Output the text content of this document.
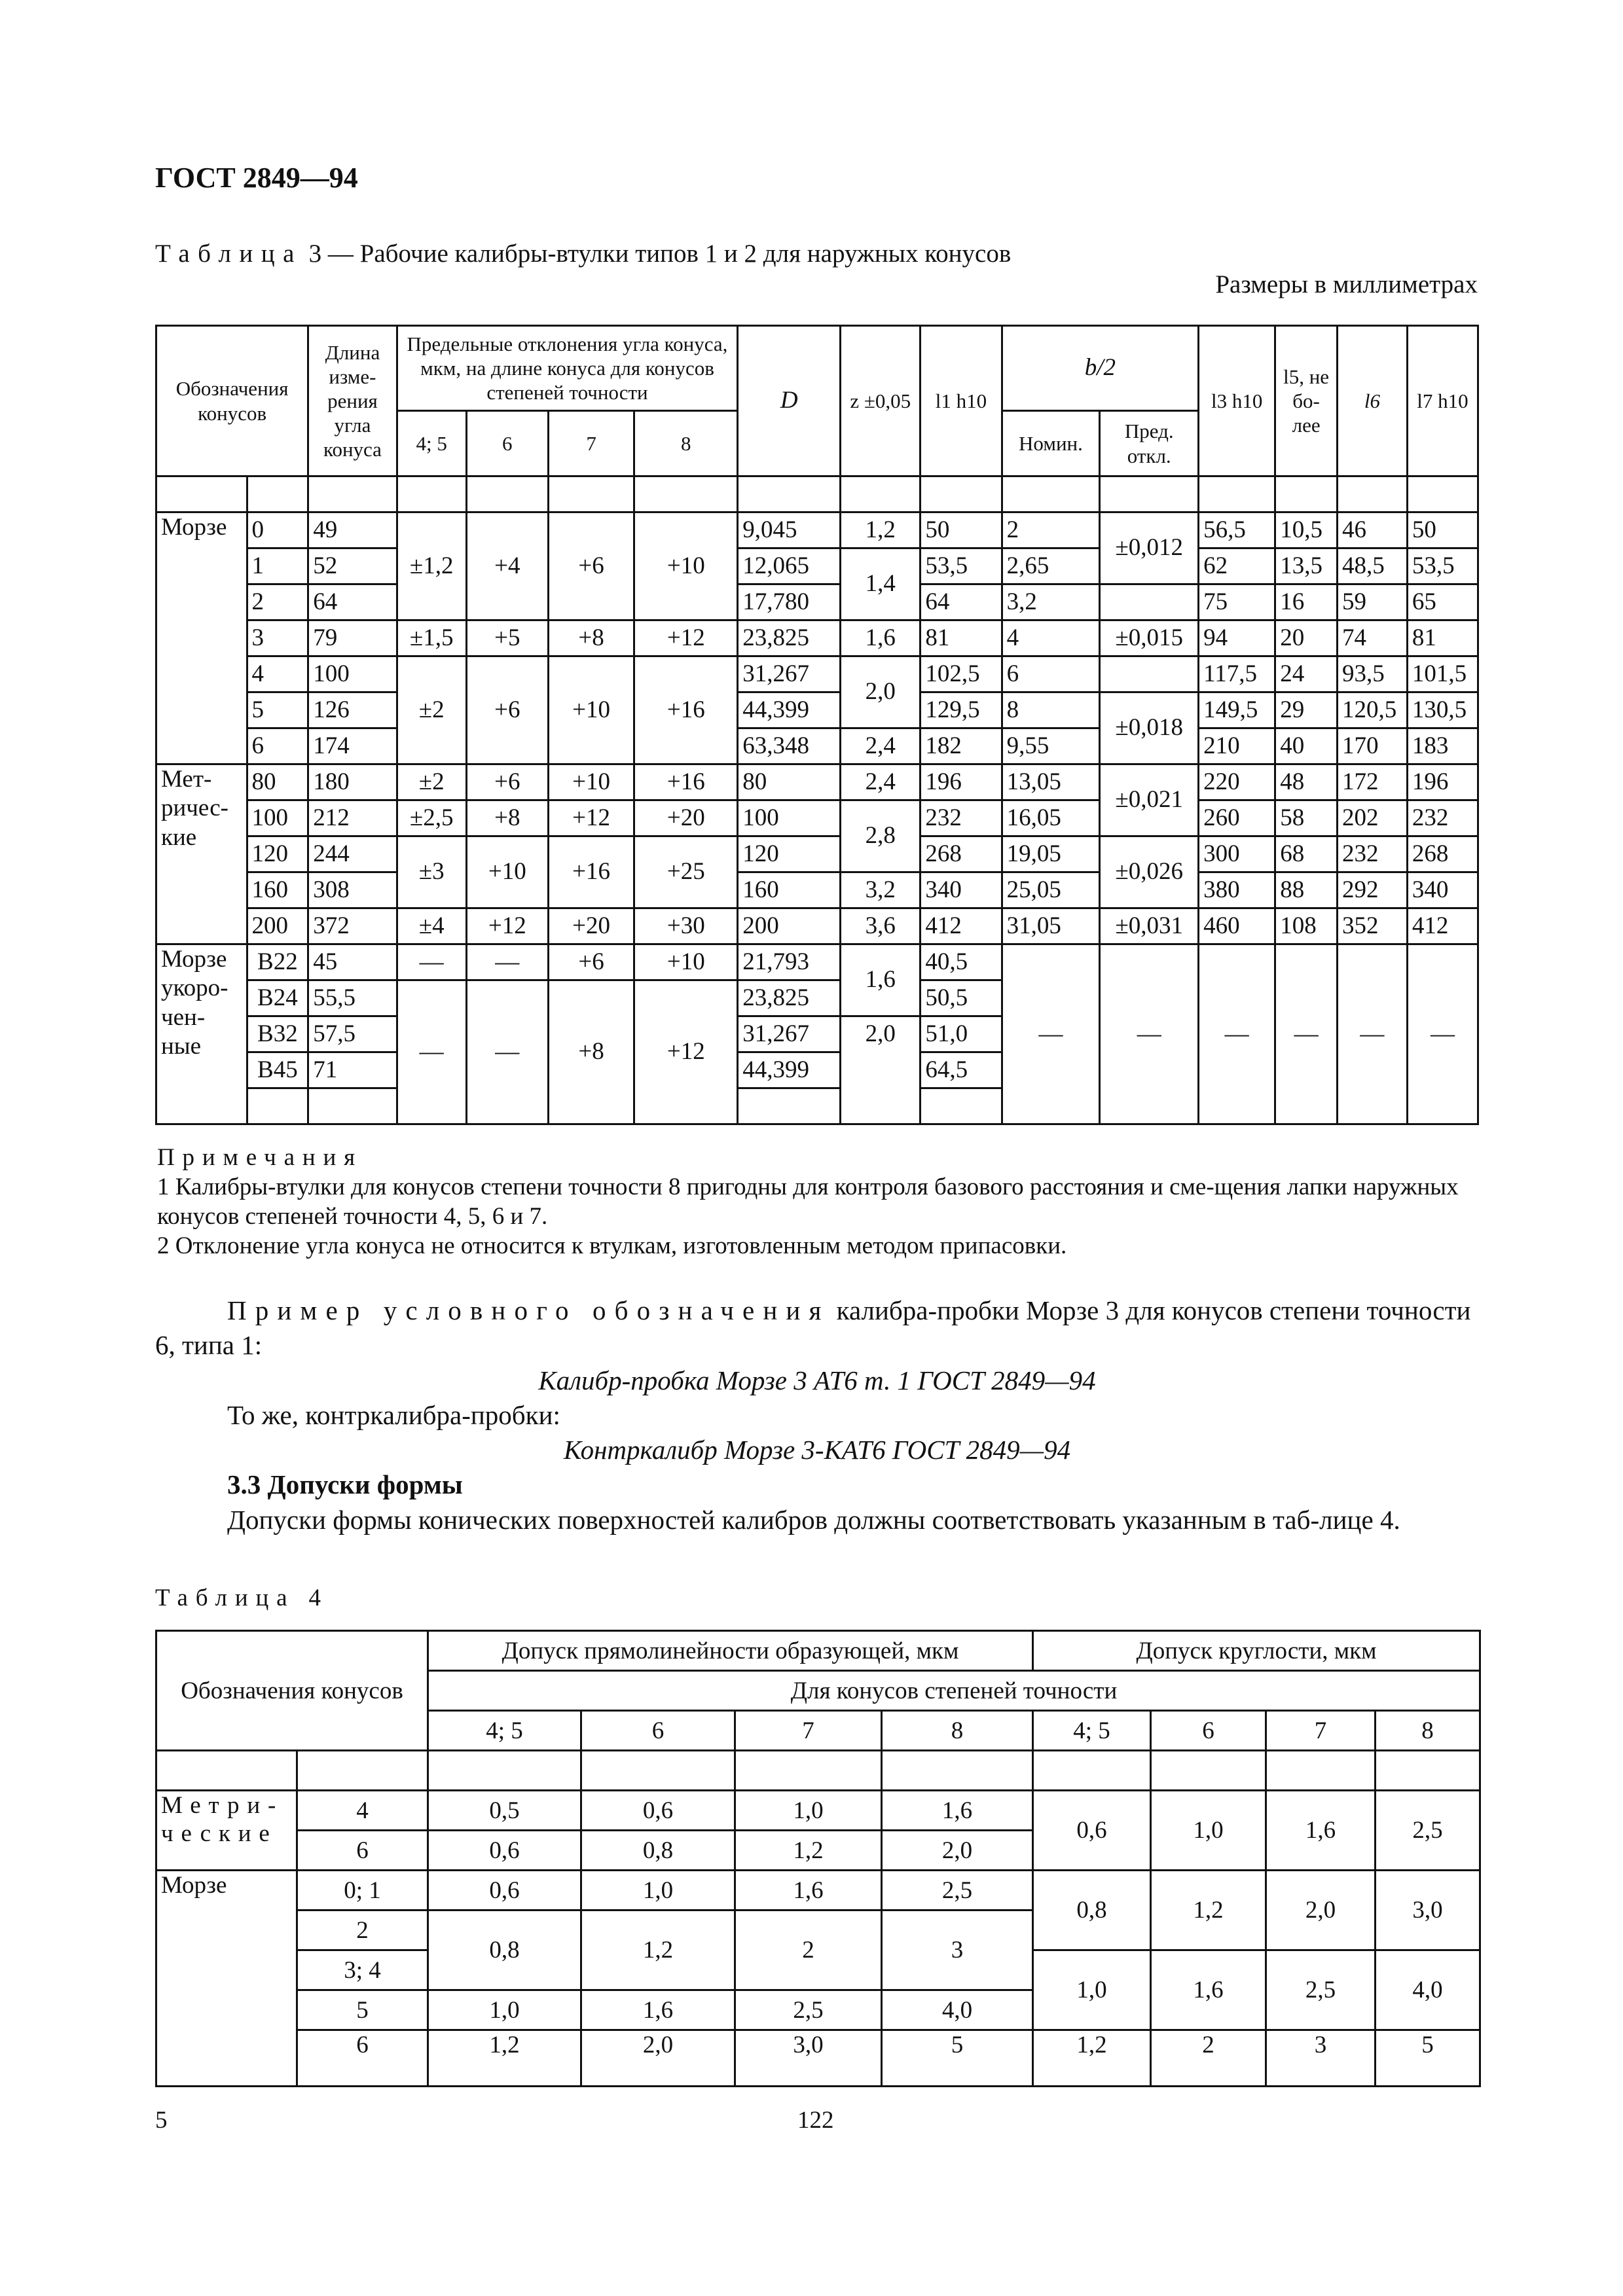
ГОСТ 2849—94
Таблица 3 — Рабочие калибры-втулки типов 1 и 2 для наружных конусов
Размеры в миллиметрах
Обозначения конусов		Длина изме-рения угла конуса	Предельные отклонения угла конуса, мкм, на длине конуса для конусов степеней точности				D	z ±0,05	l1 h10	b/2		l3 h10	l5, не бо-лее	l6	l7 h10
			4; 5	6	7	8				Номин.	Пред. откл.				

Морзе	0	49	±1,2	+4	+6	+10	9,045	1,2	50	2	±0,012	56,5	10,5	46	50
	1	52					12,065	1,4	53,5	2,65		62	13,5	48,5	53,5
	2	64					17,780		64	3,2		75	16	59	65
	3	79	±1,5	+5	+8	+12	23,825	1,6	81	4	±0,015	94	20	74	81
	4	100	±2	+6	+10	+16	31,267	2,0	102,5	6		117,5	24	93,5	101,5
	5	126					44,399		129,5	8	±0,018	149,5	29	120,5	130,5
	6	174					63,348	2,4	182	9,55		210	40	170	183
Мет-ричес-кие	80	180	±2	+6	+10	+16	80	2,4	196	13,05	±0,021	220	48	172	196
	100	212	±2,5	+8	+12	+20	100	2,8	232	16,05		260	58	202	232
	120	244	±3	+10	+16	+25	120		268	19,05	±0,026	300	68	232	268
	160	308					160	3,2	340	25,05		380	88	292	340
	200	372	±4	+12	+20	+30	200	3,6	412	31,05	±0,031	460	108	352	412
Морзе укоро-чен-ные	B22	45	—	—	+6	+10	21,793	1,6	40,5	—	—	—	—	—	—
	B24	55,5	—	—	+8	+12	23,825		50,5						
	B32	57,5					31,267	2,0	51,0						
	B45	71					44,399		64,5						

Примечания

1 Калибры-втулки для конусов степени точности 8 пригодны для контроля базового расстояния и сме-щения лапки наружных конусов степеней точности 4, 5, 6 и 7.

2 Отклонение угла конуса не относится к втулкам, изготовленным методом припасовки.

Пример условного обозначения калибра-пробки Морзе 3 для конусов степени точности 6, типа 1:

Калибр-пробка Морзе 3 АТ6 т. 1 ГОСТ 2849—94

То же, контркалибра-пробки:

Контркалибр Морзе 3-КАТ6 ГОСТ 2849—94

3.3 Допуски формы

Допуски формы конических поверхностей калибров должны соответствовать указанным в таб-лице 4.

Таблица 4
Обозначения конусов		Допуск прямолинейности образующей, мкм				Допуск круглости, мкм			
		Для конусов степеней точности							
		4; 5	6	7	8	4; 5	6	7	8

Метри-ческие	4	0,5	0,6	1,0	1,6	0,6	1,0	1,6	2,5
	6	0,6	0,8	1,2	2,0				
Морзе	0; 1	0,6	1,0	1,6	2,5	0,8	1,2	2,0	3,0
	2	0,8	1,2	2	3				
	3; 4					1,0	1,6	2,5	4,0
	5	1,0	1,6	2,5	4,0				
	6	1,2	2,0	3,0	5	1,2	2	3	5
5	122
